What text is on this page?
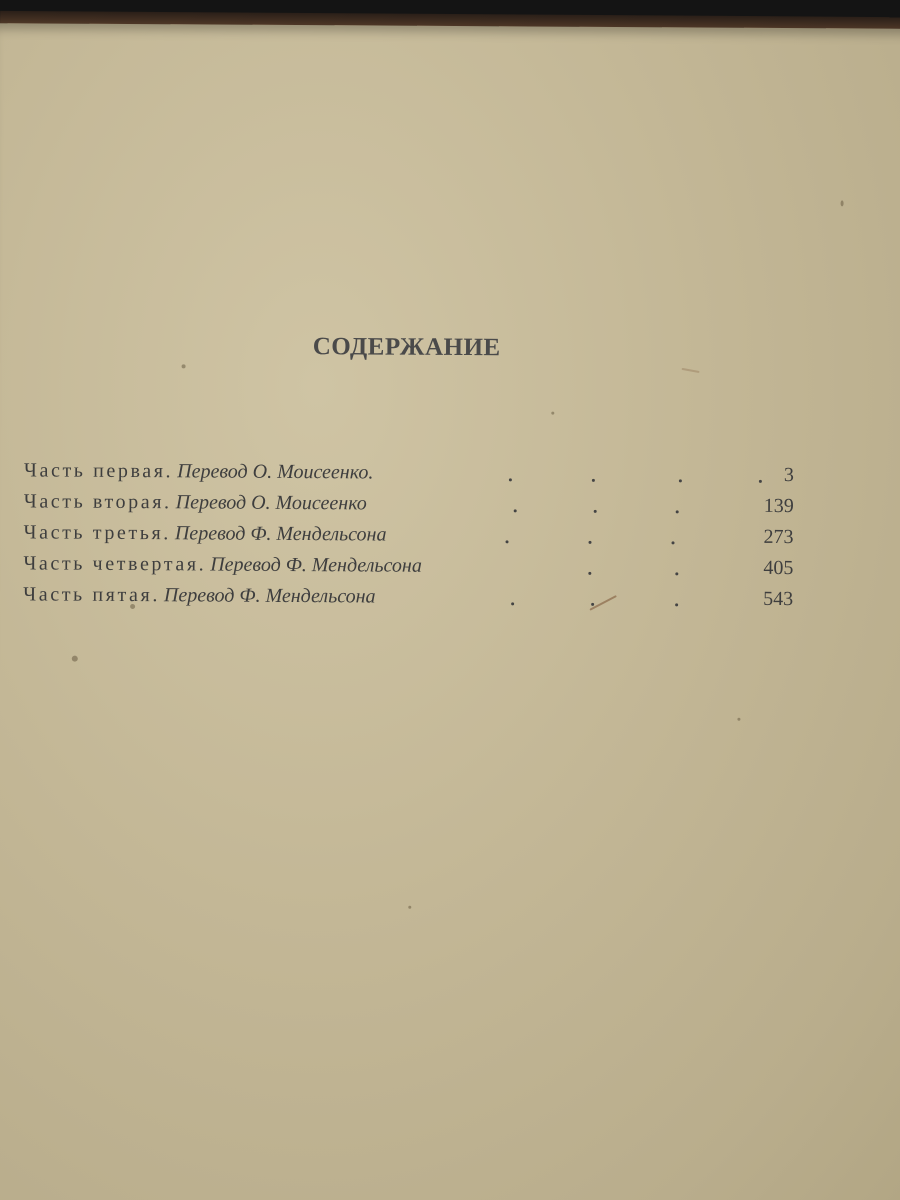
СОДЕРЖАНИЕ
Часть первая. Перевод О. Моисеенко.	3
Часть вторая. Перевод О. Моисеенко	139
Часть третья. Перевод Ф. Мендельсона	273
Часть четвертая. Перевод Ф. Мендельсона	405
Часть пятая. Перевод Ф. Мендельсона	543
